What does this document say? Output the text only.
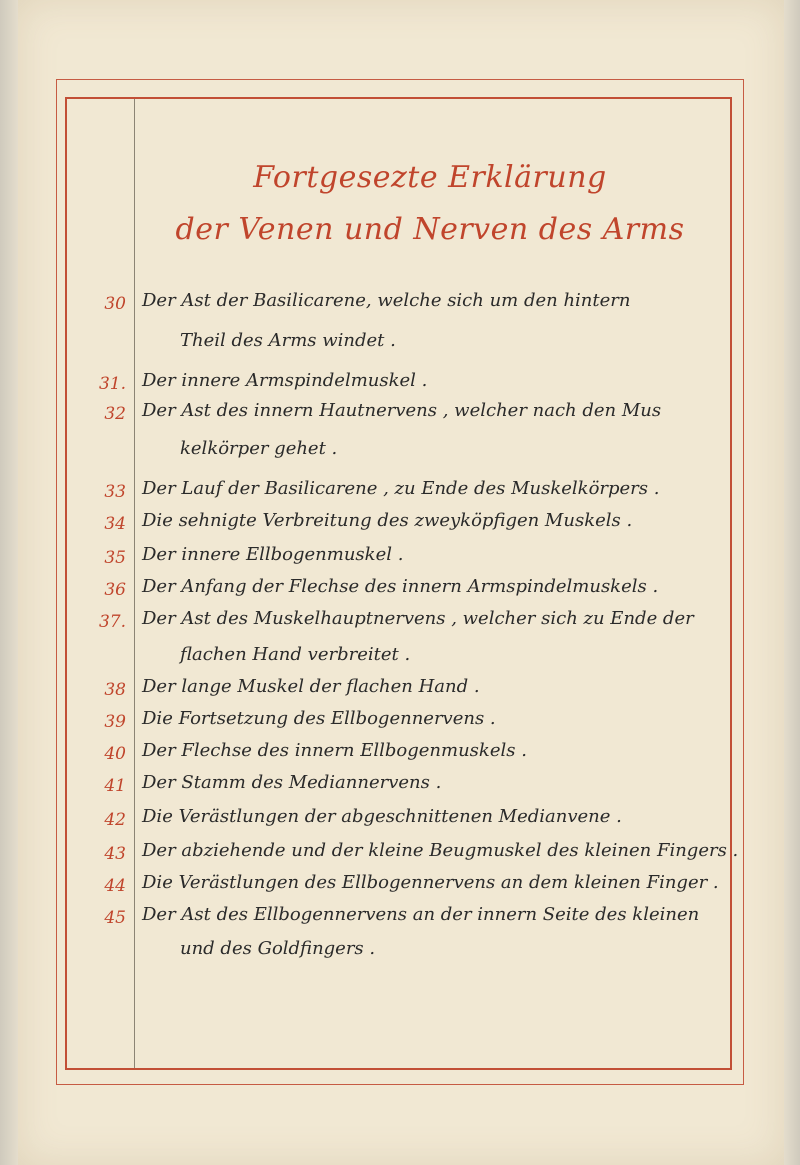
Fortgesezte Erklärung
der Venen und Nerven des Arms
30 Der Ast der Basilicarene, welche sich um den hintern
Theil des Arms windet .
31. Der innere Armspindelmuskel .
32 Der Ast des innern Hautnervens , welcher nach den Mus
kelkörper gehet .
33 Der Lauf der Basilicarene , zu Ende des Muskelkörpers .
34 Die sehnigte Verbreitung des zweyköpfigen Muskels .
35 Der innere Ellbogenmuskel .
36 Der Anfang der Flechse des innern Armspindelmuskels .
37. Der Ast des Muskelhauptnervens , welcher sich zu Ende der
flachen Hand verbreitet .
38 Der lange Muskel der flachen Hand .
39 Die Fortsetzung des Ellbogennervens .
40 Der Flechse des innern Ellbogenmuskels .
41 Der Stamm des Mediannervens .
42 Die Verästlungen der abgeschnittenen Medianvene .
43 Der abziehende und der kleine Beugmuskel des kleinen Fingers .
44 Die Verästlungen des Ellbogennervens an dem kleinen Finger .
45 Der Ast des Ellbogennervens an der innern Seite des kleinen
und des Goldfingers .
